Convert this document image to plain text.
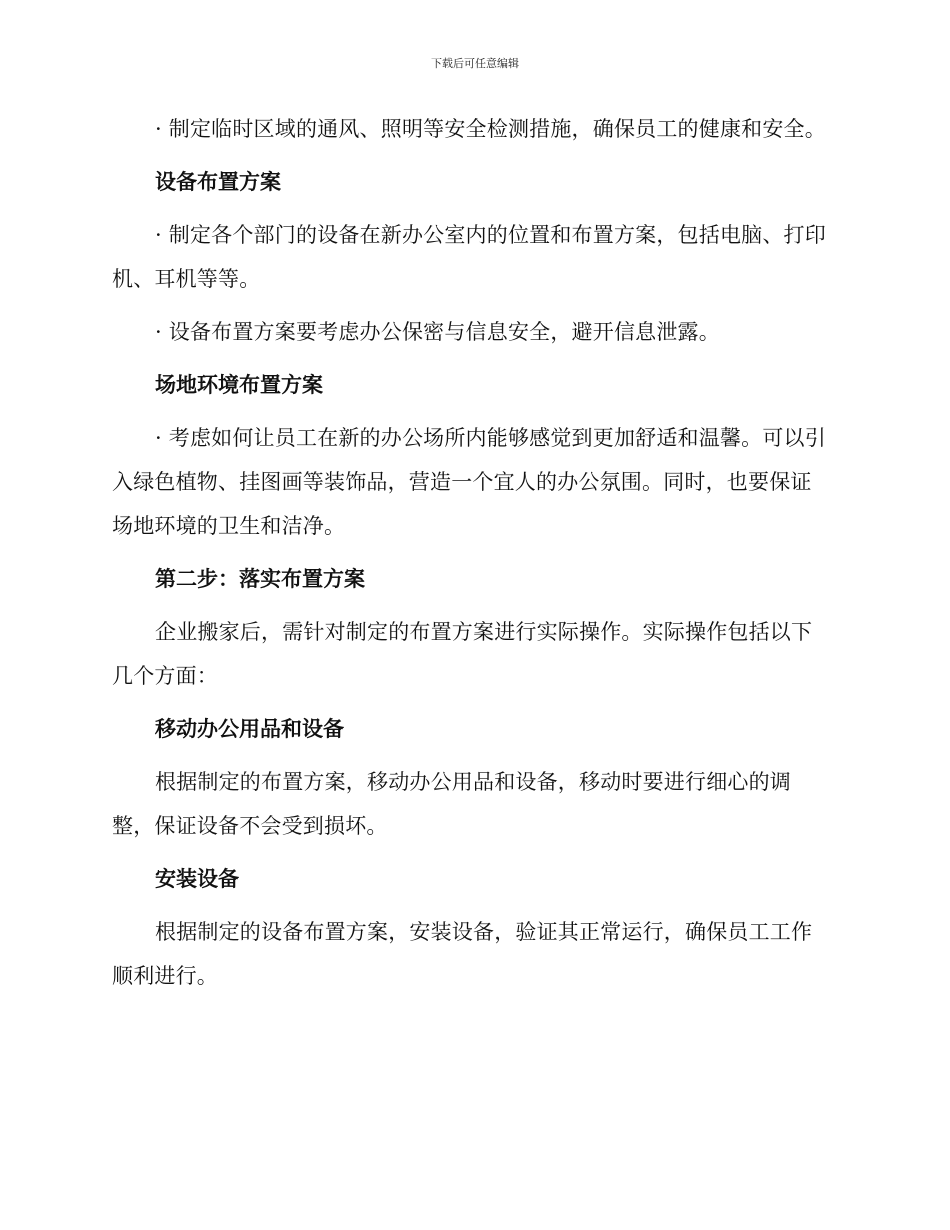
下载后可任意编辑

· 制定临时区域的通风、照明等安全检测措施，确保员工的健康和安全。

设备布置方案

· 制定各个部门的设备在新办公室内的位置和布置方案，包括电脑、打印机、耳机等等。

· 设备布置方案要考虑办公保密与信息安全，避开信息泄露。

场地环境布置方案

· 考虑如何让员工在新的办公场所内能够感觉到更加舒适和温馨。可以引入绿色植物、挂图画等装饰品，营造一个宜人的办公氛围。同时，也要保证场地环境的卫生和洁净。

第二步：落实布置方案

企业搬家后，需针对制定的布置方案进行实际操作。实际操作包括以下几个方面：

移动办公用品和设备

根据制定的布置方案，移动办公用品和设备，移动时要进行细心的调整，保证设备不会受到损坏。

安装设备

根据制定的设备布置方案，安装设备，验证其正常运行，确保员工工作顺利进行。
